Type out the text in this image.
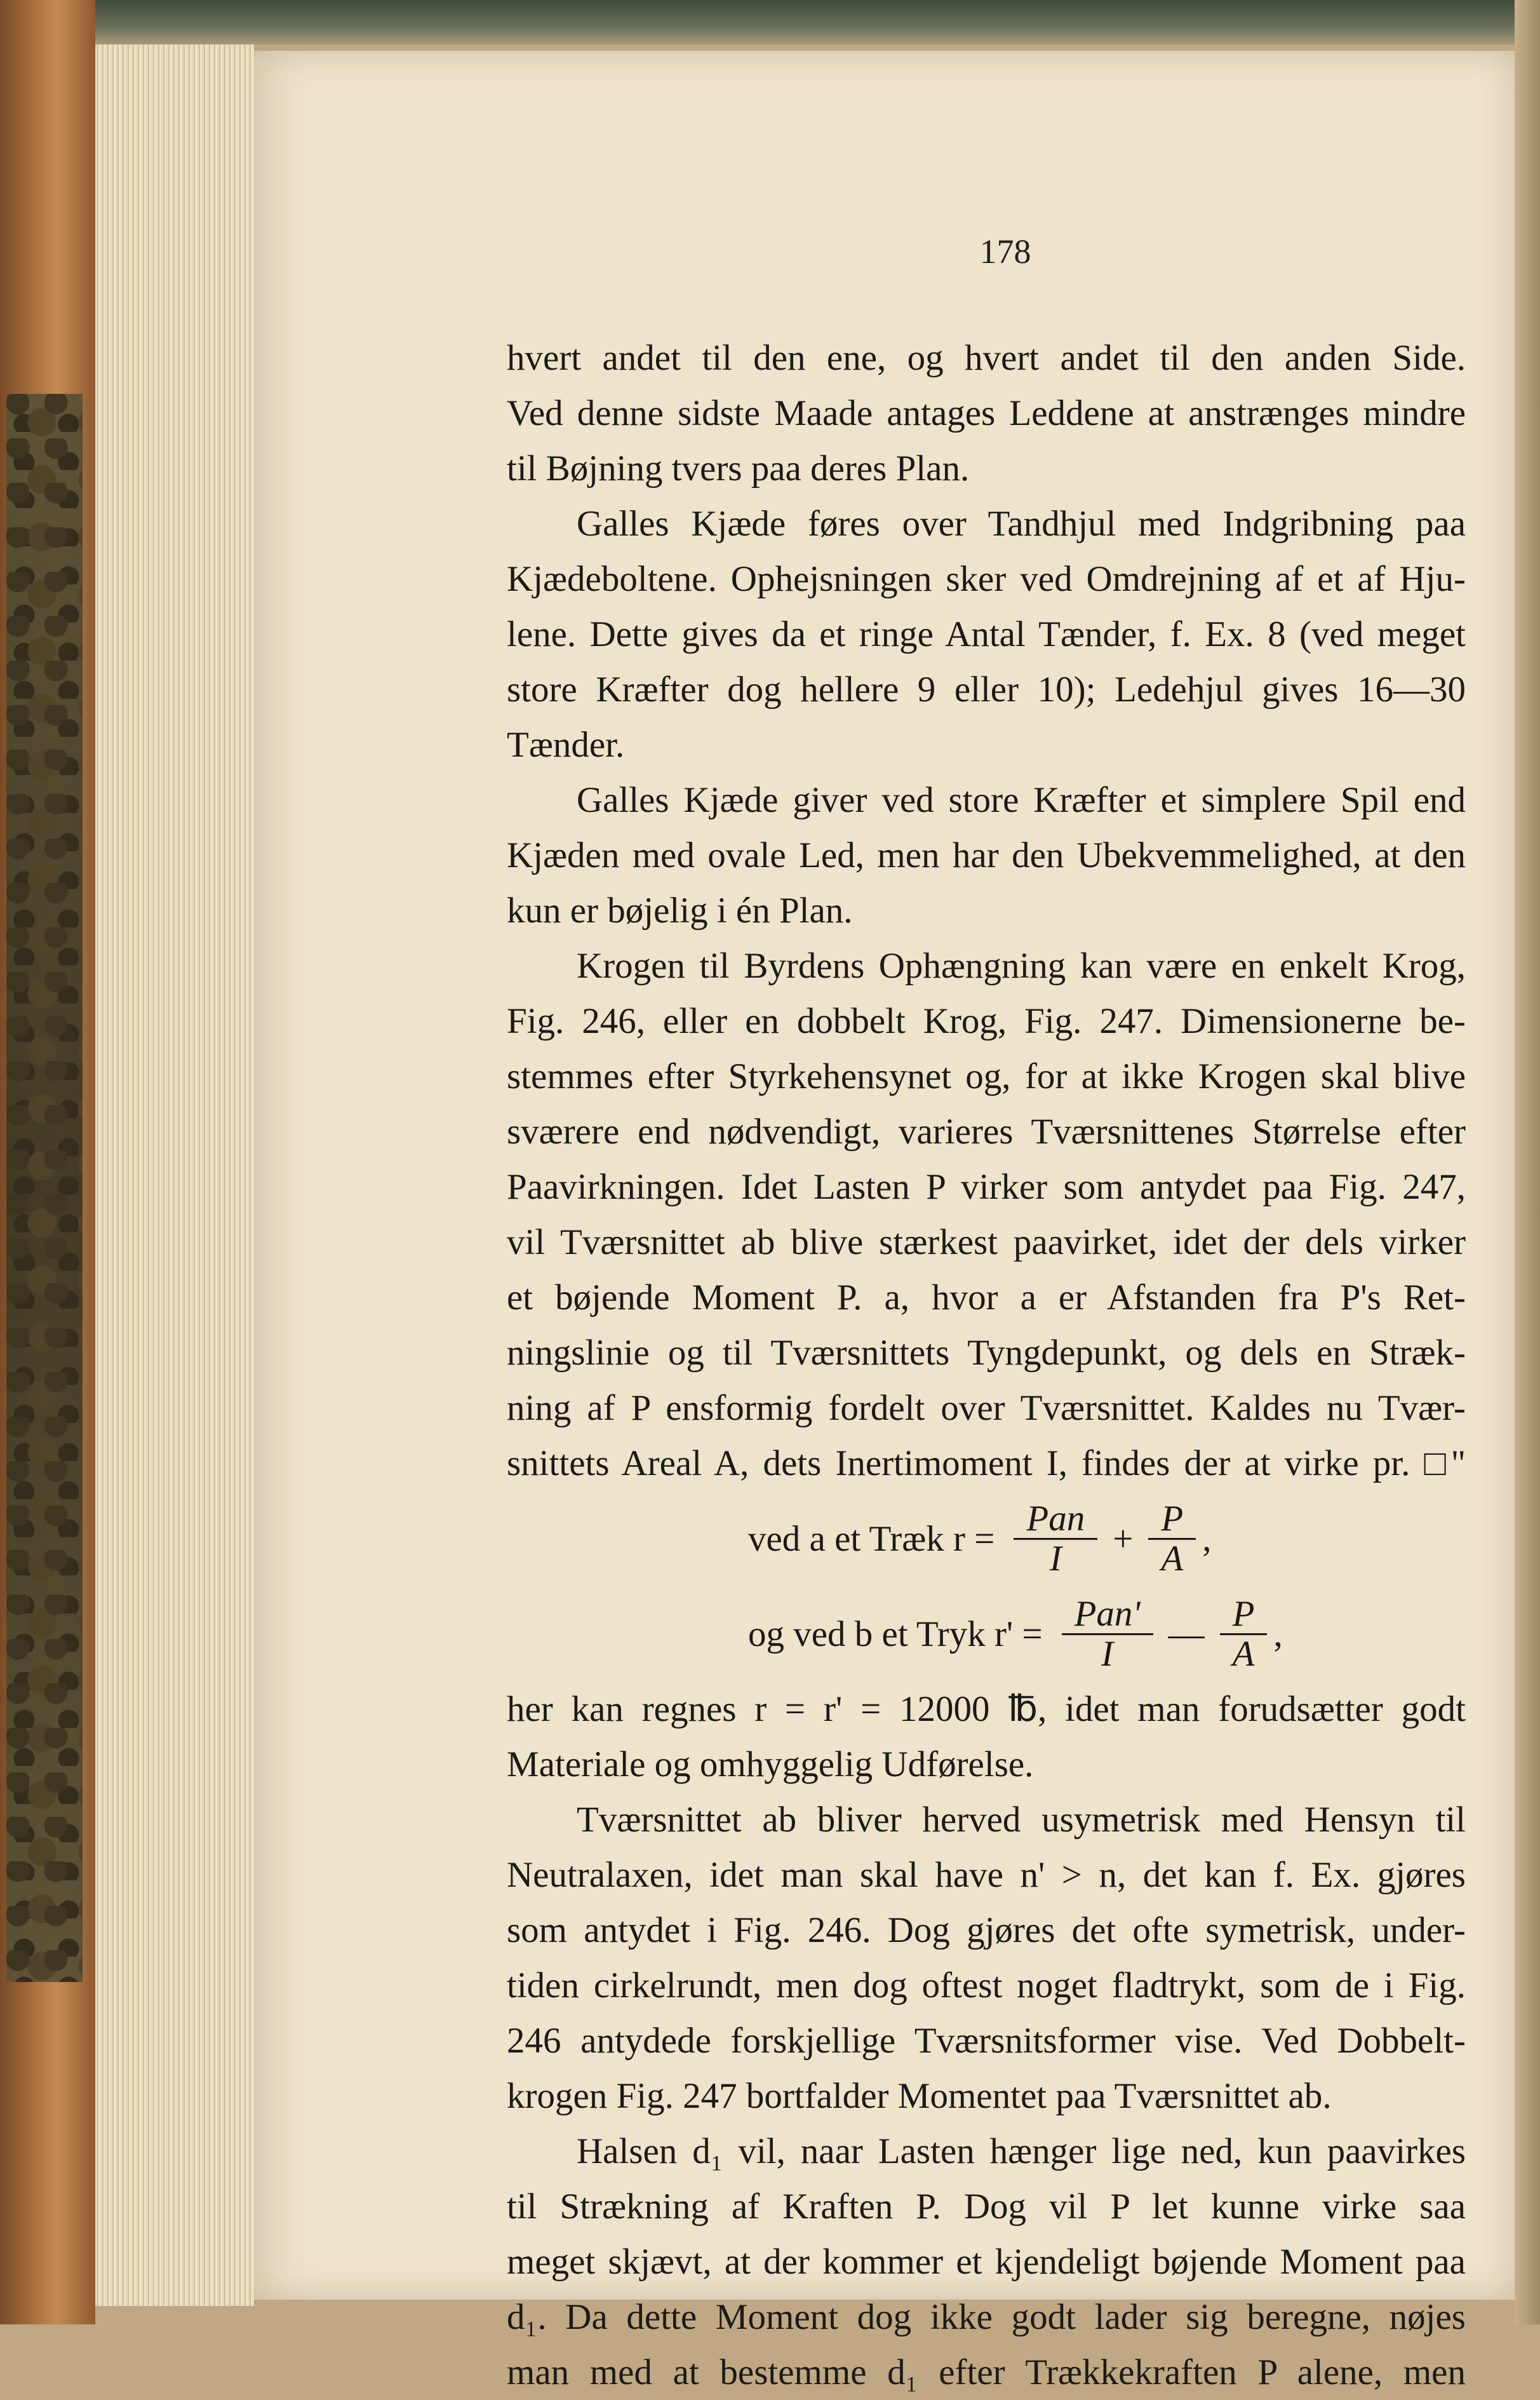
178
hvert andet til den ene, og hvert andet til den anden Side.
Ved denne sidste Maade antages Leddene at anstrænges mindre
til Bøjning tvers paa deres Plan.
Galles Kjæde føres over Tandhjul med Indgribning paa
Kjædeboltene. Ophejsningen sker ved Omdrejning af et af Hju-
lene. Dette gives da et ringe Antal Tænder, f. Ex. 8 (ved meget
store Kræfter dog hellere 9 eller 10); Ledehjul gives 16—30
Tænder.
Galles Kjæde giver ved store Kræfter et simplere Spil end
Kjæden med ovale Led, men har den Ubekvemmelighed, at den
kun er bøjelig i én Plan.
Krogen til Byrdens Ophængning kan være en enkelt Krog,
Fig. 246, eller en dobbelt Krog, Fig. 247. Dimensionerne be-
stemmes efter Styrkehensynet og, for at ikke Krogen skal blive
sværere end nødvendigt, varieres Tværsnittenes Størrelse efter
Paavirkningen. Idet Lasten P virker som antydet paa Fig. 247,
vil Tværsnittet ab blive stærkest paavirket, idet der dels virker
et bøjende Moment P. a, hvor a er Afstanden fra P's Ret-
ningslinie og til Tværsnittets Tyngdepunkt, og dels en Stræk-
ning af P ensformig fordelt over Tværsnittet. Kaldes nu Tvær-
snittets Areal A, dets Inertimoment I, findes der at virke pr. □"
ved a et Træk $r = \frac{\text{Pan}}{I} + \frac{P}{A}$ ,
og ved b et Tryk $r' = \frac{\text{Pan'}}{I}$ — $\frac{P}{A}$ ,
her kan regnes r = r' = 12000 ℔, idet man forudsætter godt
Materiale og omhyggelig Udførelse.
Tværsnittet ab bliver herved usymetrisk med Hensyn til
Neutralaxen, idet man skal have n' > n, det kan f. Ex. gjøres
som antydet i Fig. 246. Dog gjøres det ofte symetrisk, under-
tiden cirkelrundt, men dog oftest noget fladtrykt, som de i Fig.
246 antydede forskjellige Tværsnitsformer vise. Ved Dobbelt-
krogen Fig. 247 bortfalder Momentet paa Tværsnittet ab.
Halsen d₁ vil, naar Lasten hænger lige ned, kun paavirkes
til Strækning af Kraften P. Dog vil P let kunne virke saa
meget skjævt, at der kommer et kjendeligt bøjende Moment paa
d₁. Da dette Moment dog ikke godt lader sig beregne, nøjes
man med at bestemme d₁ efter Trækkekraften P alene, men
